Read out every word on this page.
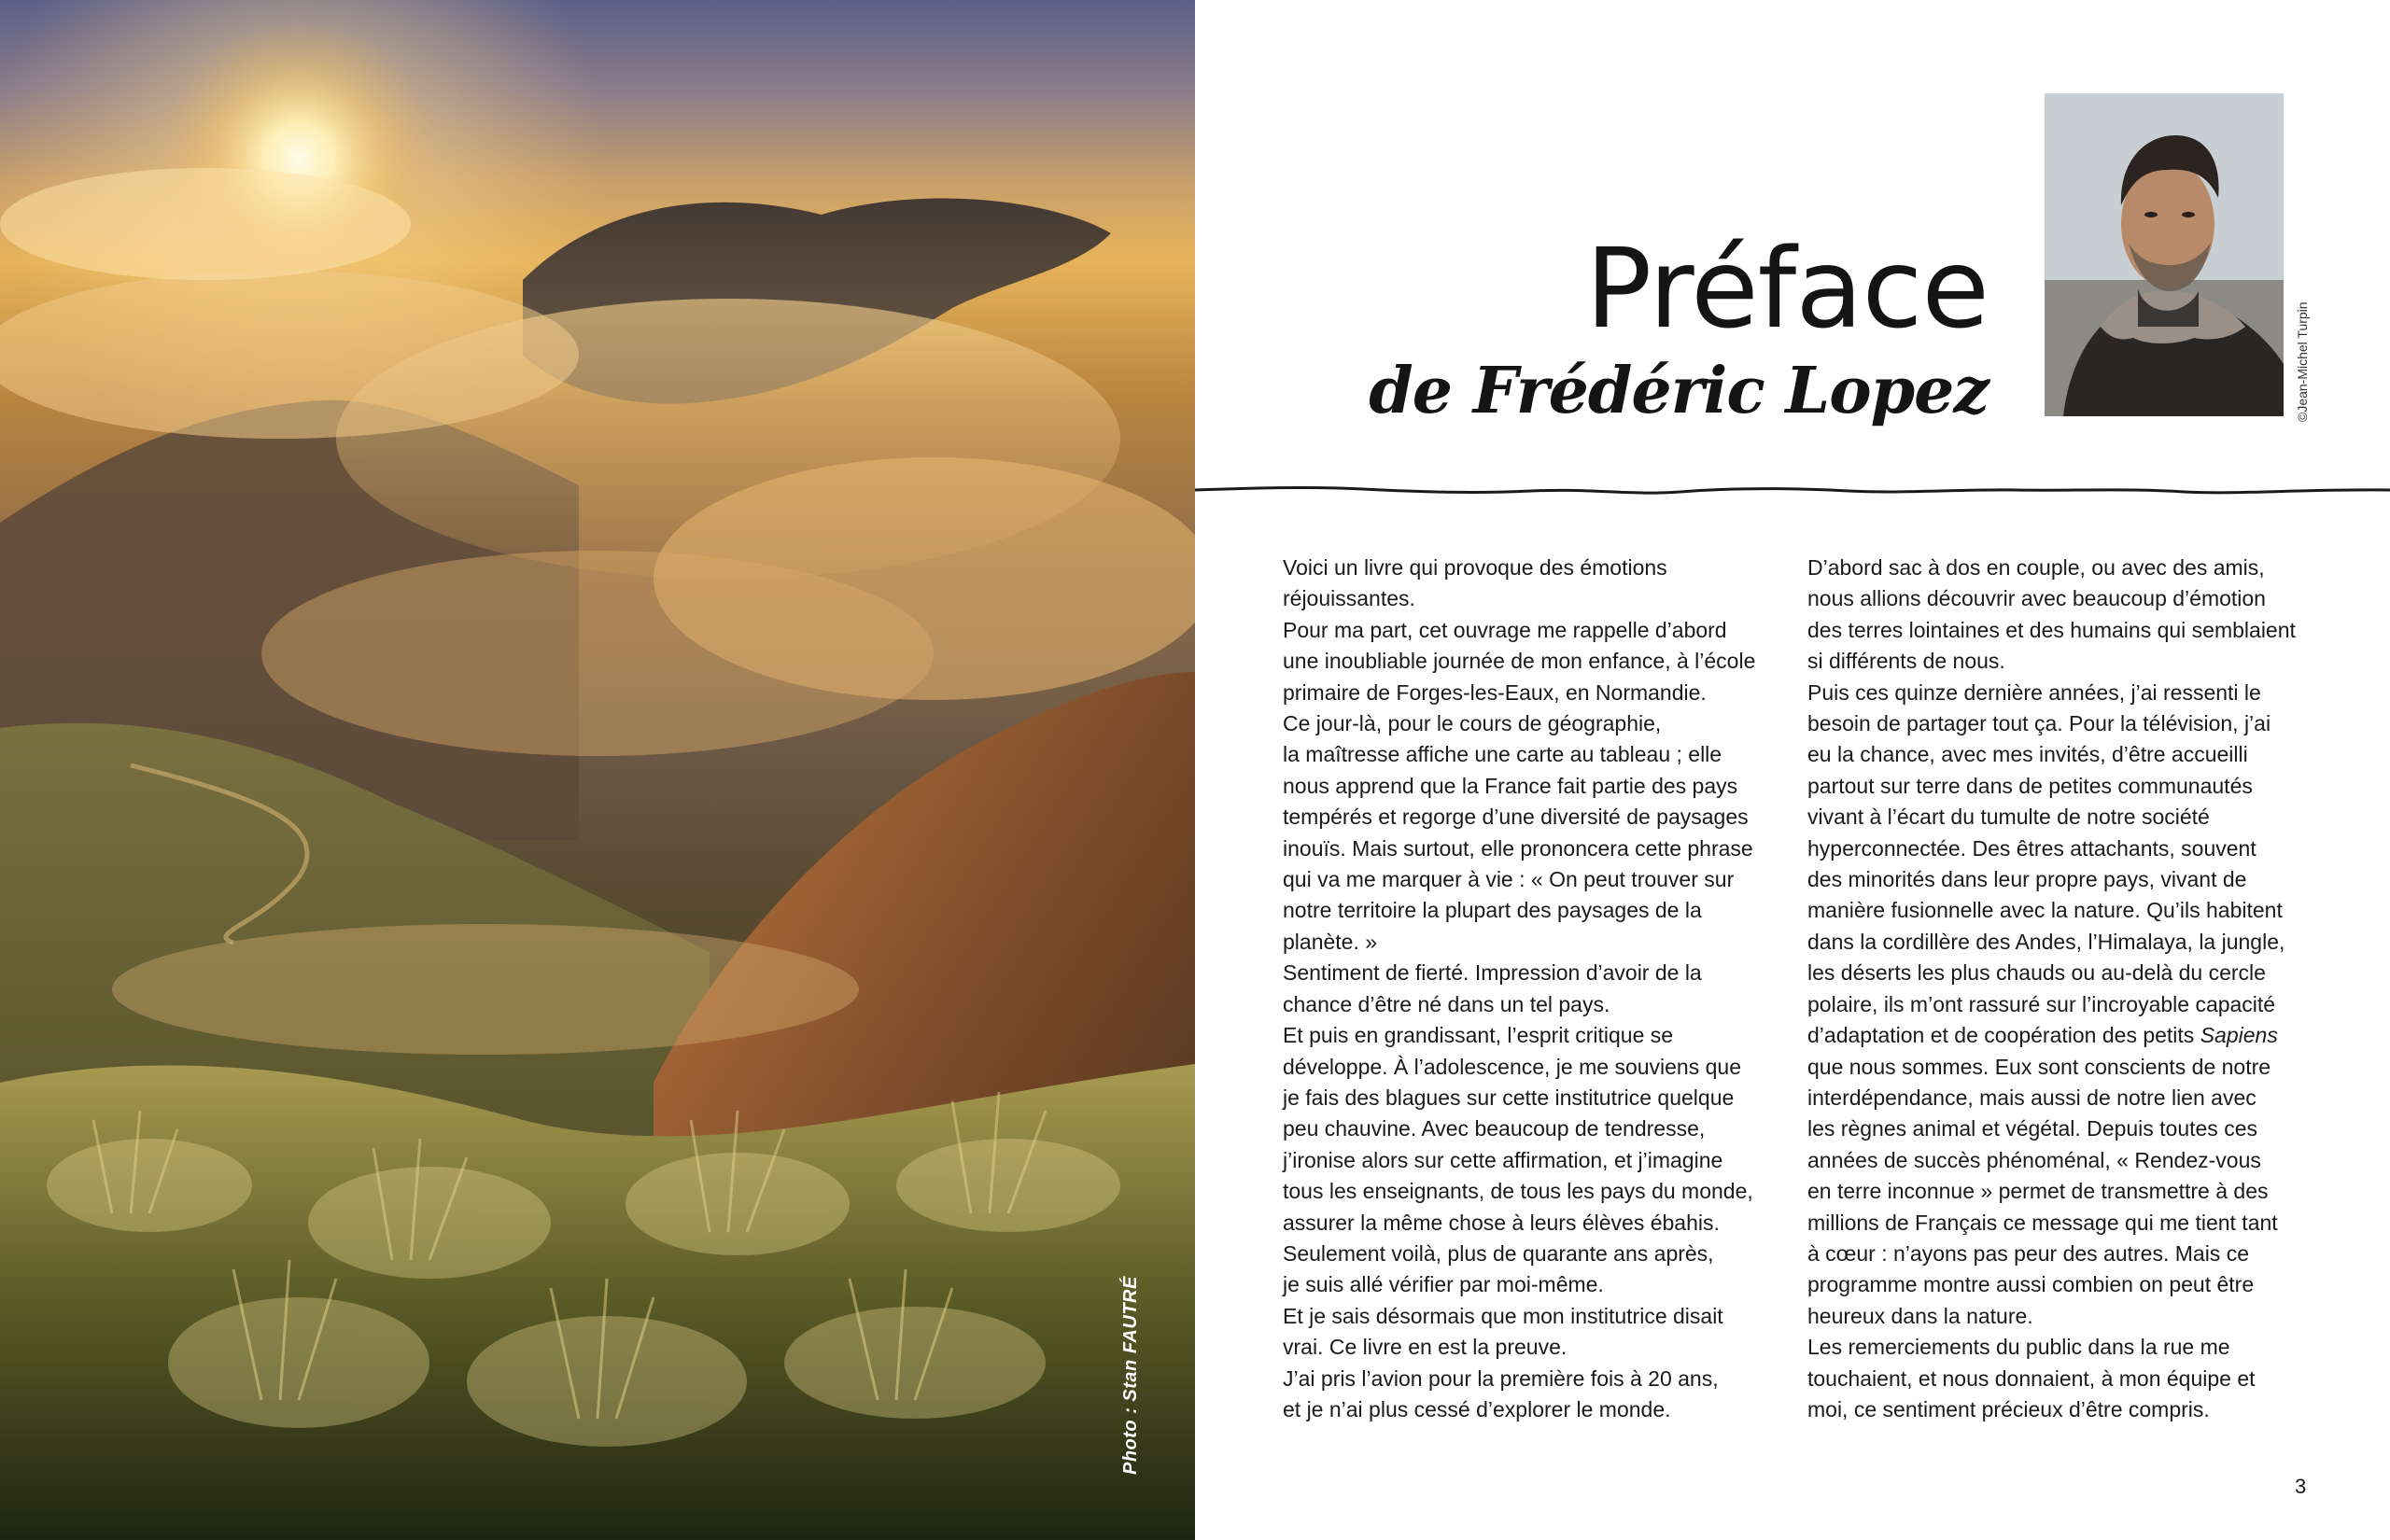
Photo : Stan FAUTRÉ
Préface
de Frédéric Lopez	©Jean-Michel Turpin

Voici un livre qui provoque des émotions

réjouissantes.

Pour ma part, cet ouvrage me rappelle d’abord

une inoubliable journée de mon enfance, à l’école

primaire de Forges-les-Eaux, en Normandie.

Ce jour-là, pour le cours de géographie,

la maîtresse affiche une carte au tableau ; elle

nous apprend que la France fait partie des pays

tempérés et regorge d’une diversité de paysages

inouïs. Mais surtout, elle prononcera cette phrase

qui va me marquer à vie : « On peut trouver sur

notre territoire la plupart des paysages de la

planète. »

Sentiment de fierté. Impression d’avoir de la

chance d’être né dans un tel pays.

Et puis en grandissant, l’esprit critique se

développe. À l’adolescence, je me souviens que

je fais des blagues sur cette institutrice quelque

peu chauvine. Avec beaucoup de tendresse,

j’ironise alors sur cette affirmation, et j’imagine

tous les enseignants, de tous les pays du monde,

assurer la même chose à leurs élèves ébahis.

Seulement voilà, plus de quarante ans après,

je suis allé vérifier par moi-même.

Et je sais désormais que mon institutrice disait

vrai. Ce livre en est la preuve.

J’ai pris l’avion pour la première fois à 20 ans,

et je n’ai plus cessé d’explorer le monde.

D’abord sac à dos en couple, ou avec des amis,

nous allions découvrir avec beaucoup d’émotion

des terres lointaines et des humains qui semblaient

si différents de nous.

Puis ces quinze dernière années, j’ai ressenti le

besoin de partager tout ça. Pour la télévision, j’ai

eu la chance, avec mes invités, d’être accueilli

partout sur terre dans de petites communautés

vivant à l’écart du tumulte de notre société

hyperconnectée. Des êtres attachants, souvent

des minorités dans leur propre pays, vivant de

manière fusionnelle avec la nature. Qu’ils habitent

dans la cordillère des Andes, l’Himalaya, la jungle,

les déserts les plus chauds ou au-delà du cercle

polaire, ils m’ont rassuré sur l’incroyable capacité

d’adaptation et de coopération des petits Sapiens

que nous sommes. Eux sont conscients de notre

interdépendance, mais aussi de notre lien avec

les règnes animal et végétal. Depuis toutes ces

années de succès phénoménal, « Rendez-vous

en terre inconnue » permet de transmettre à des

millions de Français ce message qui me tient tant

à cœur : n’ayons pas peur des autres. Mais ce

programme montre aussi combien on peut être

heureux dans la nature.

Les remerciements du public dans la rue me

touchaient, et nous donnaient, à mon équipe et

moi, ce sentiment précieux d’être compris.

3
